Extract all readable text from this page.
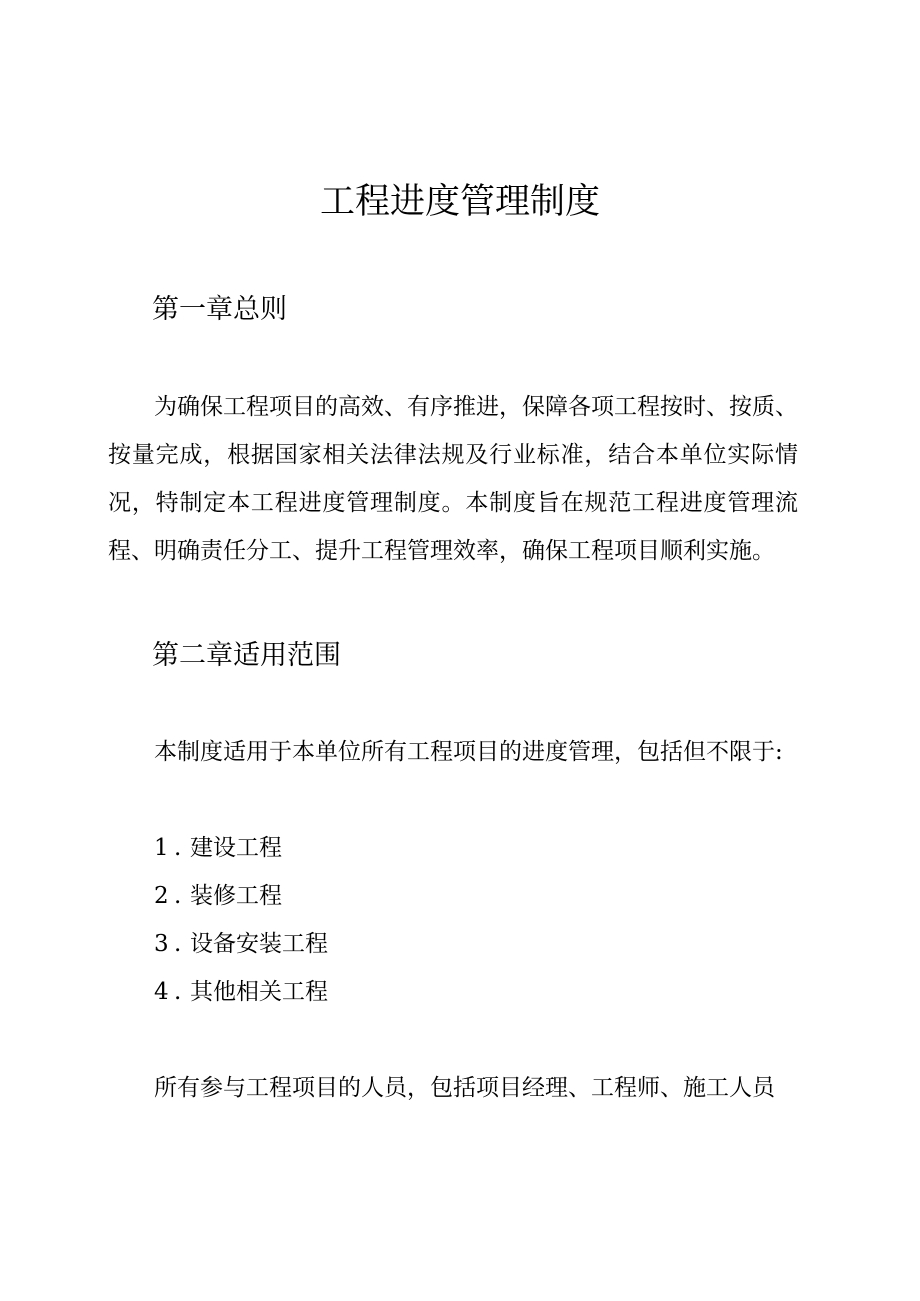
工程进度管理制度
第一章总则

为确保工程项目的高效、有序推进，保障各项工程按时、按质、按量完成，根据国家相关法律法规及行业标准，结合本单位实际情况，特制定本工程进度管理制度。本制度旨在规范工程进度管理流程、明确责任分工、提升工程管理效率，确保工程项目顺利实施。

第二章适用范围

本制度适用于本单位所有工程项目的进度管理，包括但不限于:

1 . 建设工程
2 . 装修工程
3 . 设备安装工程
4 . 其他相关工程

所有参与工程项目的人员，包括项目经理、工程师、施工人员
